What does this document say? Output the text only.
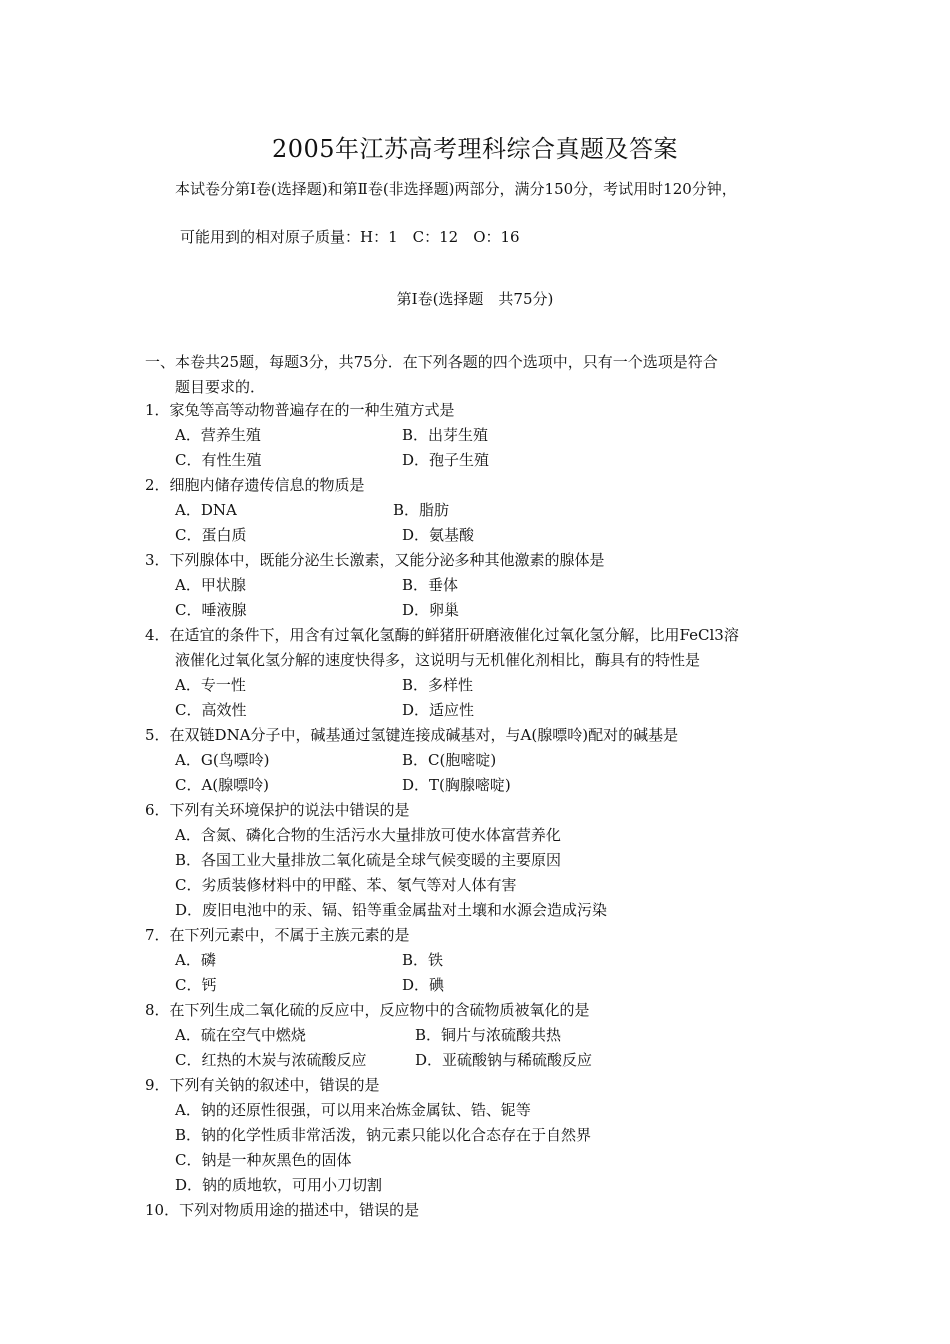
2005年江苏高考理科综合真题及答案
本试卷分第Ⅰ卷(选择题)和第Ⅱ卷(非选择题)两部分，满分150分，考试用时120分钟，
可能用到的相对原子质量：H：1　C：12　O：16
第Ⅰ卷(选择题　共75分)
一、本卷共25题，每题3分，共75分．在下列各题的四个选项中，只有一个选项是符合
题目要求的．
1．家兔等高等动物普遍存在的一种生殖方式是
A．营养生殖	B．出芽生殖
C．有性生殖	D．孢子生殖
2．细胞内储存遗传信息的物质是
A．DNA	B．脂肪
C．蛋白质	D．氨基酸
3．下列腺体中，既能分泌生长激素，又能分泌多种其他激素的腺体是
A．甲状腺	B．垂体
C．唾液腺	D．卵巢
4．在适宜的条件下，用含有过氧化氢酶的鲜猪肝研磨液催化过氧化氢分解，比用FeCl3溶
液催化过氧化氢分解的速度快得多，这说明与无机催化剂相比，酶具有的特性是
A．专一性	B．多样性
C．高效性	D．适应性
5．在双链DNA分子中，碱基通过氢键连接成碱基对，与A(腺嘌呤)配对的碱基是
A．G(鸟嘌呤)	B．C(胞嘧啶)
C．A(腺嘌呤)	D．T(胸腺嘧啶)
6．下列有关环境保护的说法中错误的是
A．含氮、磷化合物的生活污水大量排放可使水体富营养化
B．各国工业大量排放二氧化硫是全球气候变暖的主要原因
C．劣质装修材料中的甲醛、苯、氡气等对人体有害
D．废旧电池中的汞、镉、铅等重金属盐对土壤和水源会造成污染
7．在下列元素中，不属于主族元素的是
A．磷	B．铁
C．钙	D．碘
8．在下列生成二氧化硫的反应中，反应物中的含硫物质被氧化的是
A．硫在空气中燃烧	B．铜片与浓硫酸共热
C．红热的木炭与浓硫酸反应	D．亚硫酸钠与稀硫酸反应
9．下列有关钠的叙述中，错误的是
A．钠的还原性很强，可以用来冶炼金属钛、锆、铌等
B．钠的化学性质非常活泼，钠元素只能以化合态存在于自然界
C．钠是一种灰黑色的固体
D．钠的质地软，可用小刀切割
10．下列对物质用途的描述中，错误的是
